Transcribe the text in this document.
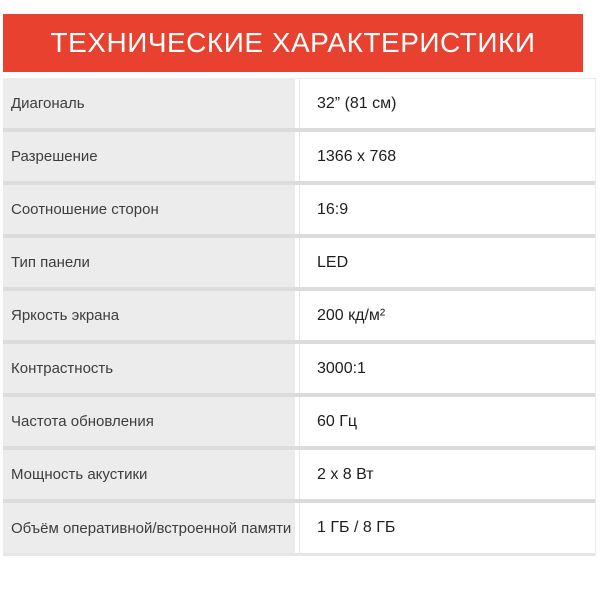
ТЕХНИЧЕСКИЕ ХАРАКТЕРИСТИКИ
Диагональ	32” (81 см)
Разрешение	1366 x 768
Соотношение сторон	16:9
Тип панели	LED
Яркость экрана	200 кд/м²
Контрастность	3000:1
Частота обновления	60 Гц
Мощность акустики	2 х 8 Вт
Объём оперативной/встроенной памяти	1 ГБ / 8 ГБ
